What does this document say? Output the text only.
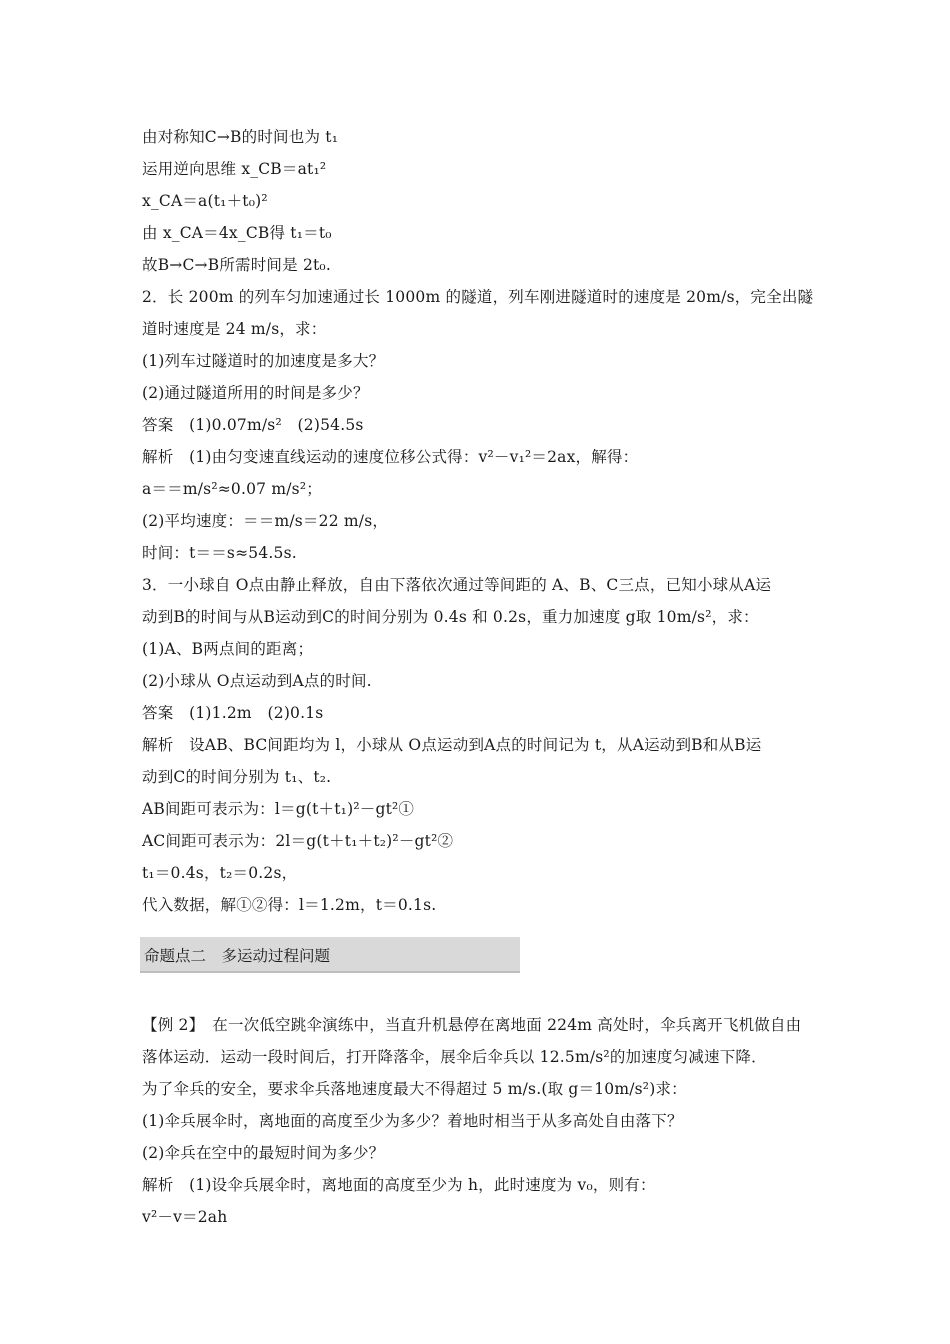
由对称知C→B的时间也为 t₁
运用逆向思维 x_CB＝at₁²
x_CA＝a(t₁＋t₀)²
由 x_CA＝4x_CB得 t₁＝t₀
故B→C→B所需时间是 2t₀.
2．长 200m 的列车匀加速通过长 1000m 的隧道，列车刚进隧道时的速度是 20m/s，完全出隧
道时速度是 24 m/s，求：
(1)列车过隧道时的加速度是多大？
(2)通过隧道所用的时间是多少？
答案　(1)0.07m/s²　(2)54.5s
解析　(1)由匀变速直线运动的速度位移公式得：v²－v₁²＝2ax，解得：
a＝＝m/s²≈0.07 m/s²；
(2)平均速度：＝＝m/s＝22 m/s，
时间：t＝＝s≈54.5s.
3．一小球自 O点由静止释放，自由下落依次通过等间距的 A、B、C三点，已知小球从A运
动到B的时间与从B运动到C的时间分别为 0.4s 和 0.2s，重力加速度 g取 10m/s²，求：
(1)A、B两点间的距离；
(2)小球从 O点运动到A点的时间.
答案　(1)1.2m　(2)0.1s
解析　设AB、BC间距均为 l，小球从 O点运动到A点的时间记为 t，从A运动到B和从B运
动到C的时间分别为 t₁、t₂.
AB间距可表示为：l＝g(t＋t₁)²－gt²①
AC间距可表示为：2l＝g(t＋t₁＋t₂)²－gt²②
t₁＝0.4s，t₂＝0.2s，
代入数据，解①②得：l＝1.2m，t＝0.1s.
命题点二　多运动过程问题
【例 2】　在一次低空跳伞演练中，当直升机悬停在离地面 224m 高处时，伞兵离开飞机做自由
落体运动．运动一段时间后，打开降落伞，展伞后伞兵以 12.5m/s²的加速度匀减速下降．
为了伞兵的安全，要求伞兵落地速度最大不得超过 5 m/s.(取 g＝10m/s²)求：
(1)伞兵展伞时，离地面的高度至少为多少？着地时相当于从多高处自由落下？
(2)伞兵在空中的最短时间为多少？
解析　(1)设伞兵展伞时，离地面的高度至少为 h，此时速度为 v₀，则有：
v²－v＝2ah
